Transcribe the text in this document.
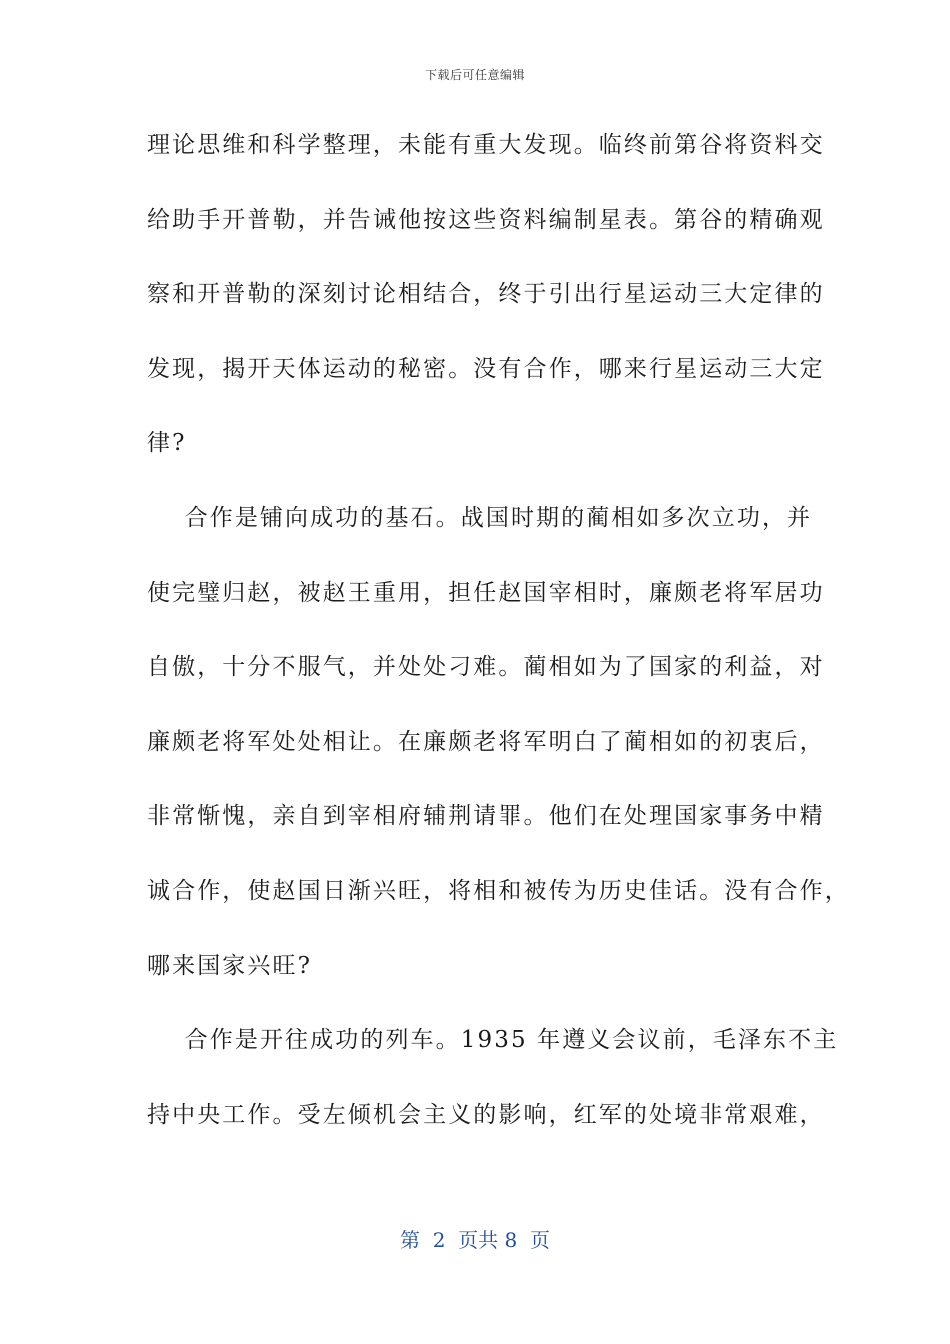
下载后可任意编辑
理论思维和科学整理，未能有重大发现。临终前第谷将资料交
给助手开普勒，并告诫他按这些资料编制星表。第谷的精确观
察和开普勒的深刻讨论相结合，终于引出行星运动三大定律的
发现，揭开天体运动的秘密。没有合作，哪来行星运动三大定
律?
合作是铺向成功的基石。战国时期的蔺相如多次立功，并
使完璧归赵，被赵王重用，担任赵国宰相时，廉颇老将军居功
自傲，十分不服气，并处处刁难。蔺相如为了国家的利益，对
廉颇老将军处处相让。在廉颇老将军明白了蔺相如的初衷后，
非常惭愧，亲自到宰相府辅荆请罪。他们在处理国家事务中精
诚合作，使赵国日渐兴旺，将相和被传为历史佳话。没有合作，
哪来国家兴旺?
合作是开往成功的列车。1935 年遵义会议前，毛泽东不主
持中央工作。受左倾机会主义的影响，红军的处境非常艰难，
第  2  页共 8  页
